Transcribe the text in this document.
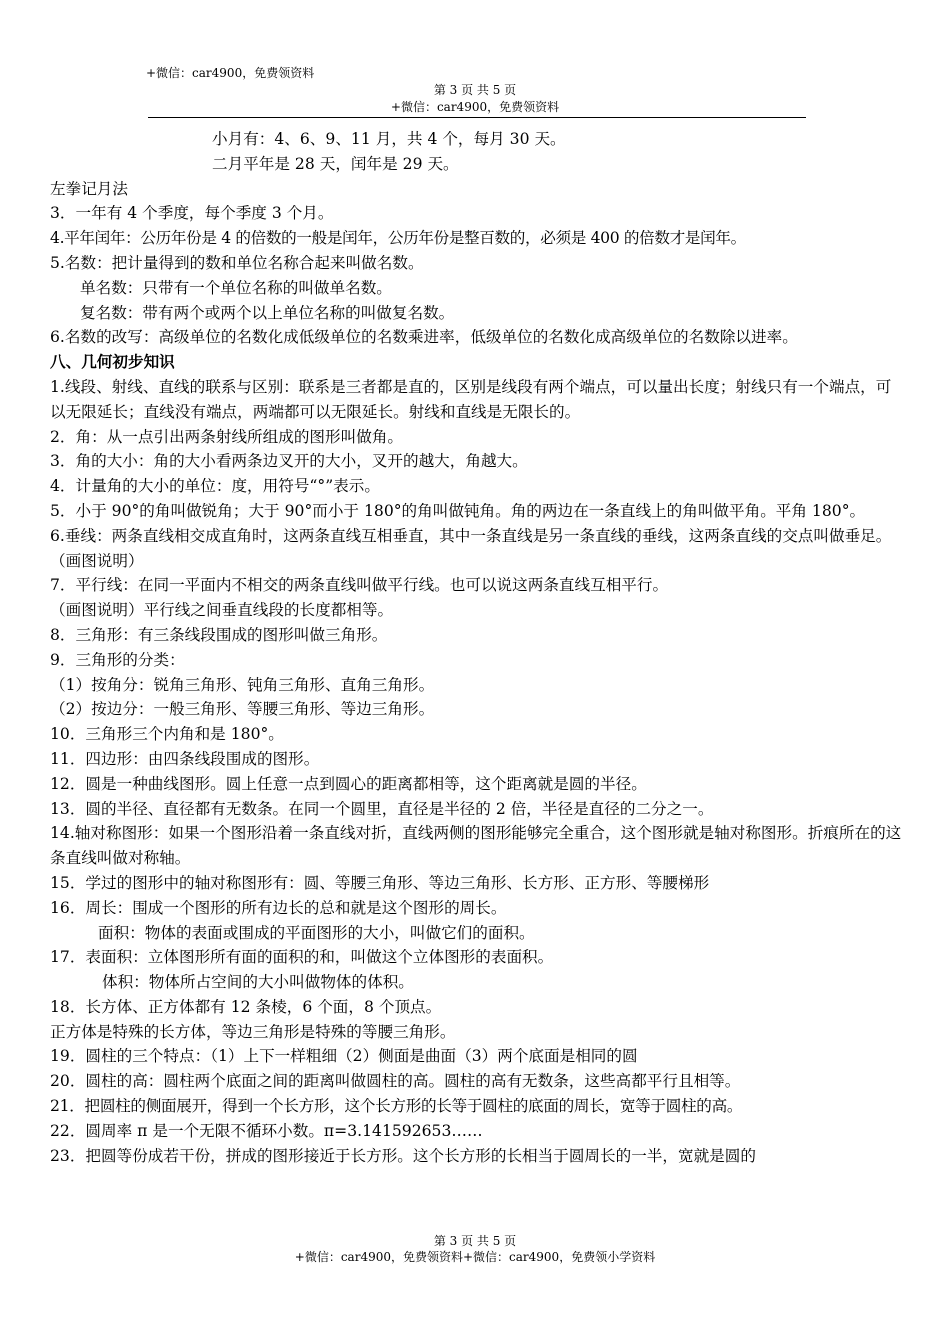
+微信：car4900，免费领资料
第 3 页 共 5 页
+微信：car4900，免费领资料

小月有：4、6、9、11 月，共 4 个，每月 30 天。

二月平年是 28 天，闰年是 29 天。

左拳记月法

3．一年有 4 个季度，每个季度 3 个月。

4.平年闰年：公历年份是 4 的倍数的一般是闰年，公历年份是整百数的，必须是 400 的倍数才是闰年。

5.名数：把计量得到的数和单位名称合起来叫做名数。

单名数：只带有一个单位名称的叫做单名数。

复名数：带有两个或两个以上单位名称的叫做复名数。

6.名数的改写：高级单位的名数化成低级单位的名数乘进率，低级单位的名数化成高级单位的名数除以进率。

八、几何初步知识

1.线段、射线、直线的联系与区别：联系是三者都是直的，区别是线段有两个端点，可以量出长度；射线只有一个端点，可以无限延长；直线没有端点，两端都可以无限延长。射线和直线是无限长的。

2．角：从一点引出两条射线所组成的图形叫做角。

3．角的大小：角的大小看两条边叉开的大小，叉开的越大，角越大。

4．计量角的大小的单位：度，用符号“°”表示。

5．小于 90°的角叫做锐角；大于 90°而小于 180°的角叫做钝角。角的两边在一条直线上的角叫做平角。平角 180°。

6.垂线：两条直线相交成直角时，这两条直线互相垂直，其中一条直线是另一条直线的垂线，这两条直线的交点叫做垂足。（画图说明）

7．平行线：在同一平面内不相交的两条直线叫做平行线。也可以说这两条直线互相平行。

（画图说明）平行线之间垂直线段的长度都相等。

8．三角形：有三条线段围成的图形叫做三角形。

9．三角形的分类：

（1）按角分：锐角三角形、钝角三角形、直角三角形。

（2）按边分：一般三角形、等腰三角形、等边三角形。

10．三角形三个内角和是 180°。

11．四边形：由四条线段围成的图形。

12．圆是一种曲线图形。圆上任意一点到圆心的距离都相等，这个距离就是圆的半径。

13．圆的半径、直径都有无数条。在同一个圆里，直径是半径的 2 倍，半径是直径的二分之一。

14.轴对称图形：如果一个图形沿着一条直线对折，直线两侧的图形能够完全重合，这个图形就是轴对称图形。折痕所在的这条直线叫做对称轴。

15．学过的图形中的轴对称图形有：圆、等腰三角形、等边三角形、长方形、正方形、等腰梯形

16．周长：围成一个图形的所有边长的总和就是这个图形的周长。

面积：物体的表面或围成的平面图形的大小，叫做它们的面积。

17．表面积：立体图形所有面的面积的和，叫做这个立体图形的表面积。

体积：物体所占空间的大小叫做物体的体积。

18．长方体、正方体都有 12 条棱，6 个面，8 个顶点。

正方体是特殊的长方体，等边三角形是特殊的等腰三角形。

19．圆柱的三个特点：（1）上下一样粗细（2）侧面是曲面（3）两个底面是相同的圆

20．圆柱的高：圆柱两个底面之间的距离叫做圆柱的高。圆柱的高有无数条，这些高都平行且相等。

21．把圆柱的侧面展开，得到一个长方形，这个长方形的长等于圆柱的底面的周长，宽等于圆柱的高。

22．圆周率 π 是一个无限不循环小数。π=3.141592653……

23．把圆等份成若干份，拼成的图形接近于长方形。这个长方形的长相当于圆周长的一半，宽就是圆的

第 3 页 共 5 页
+微信：car4900，免费领资料+微信：car4900，免费领小学资料
